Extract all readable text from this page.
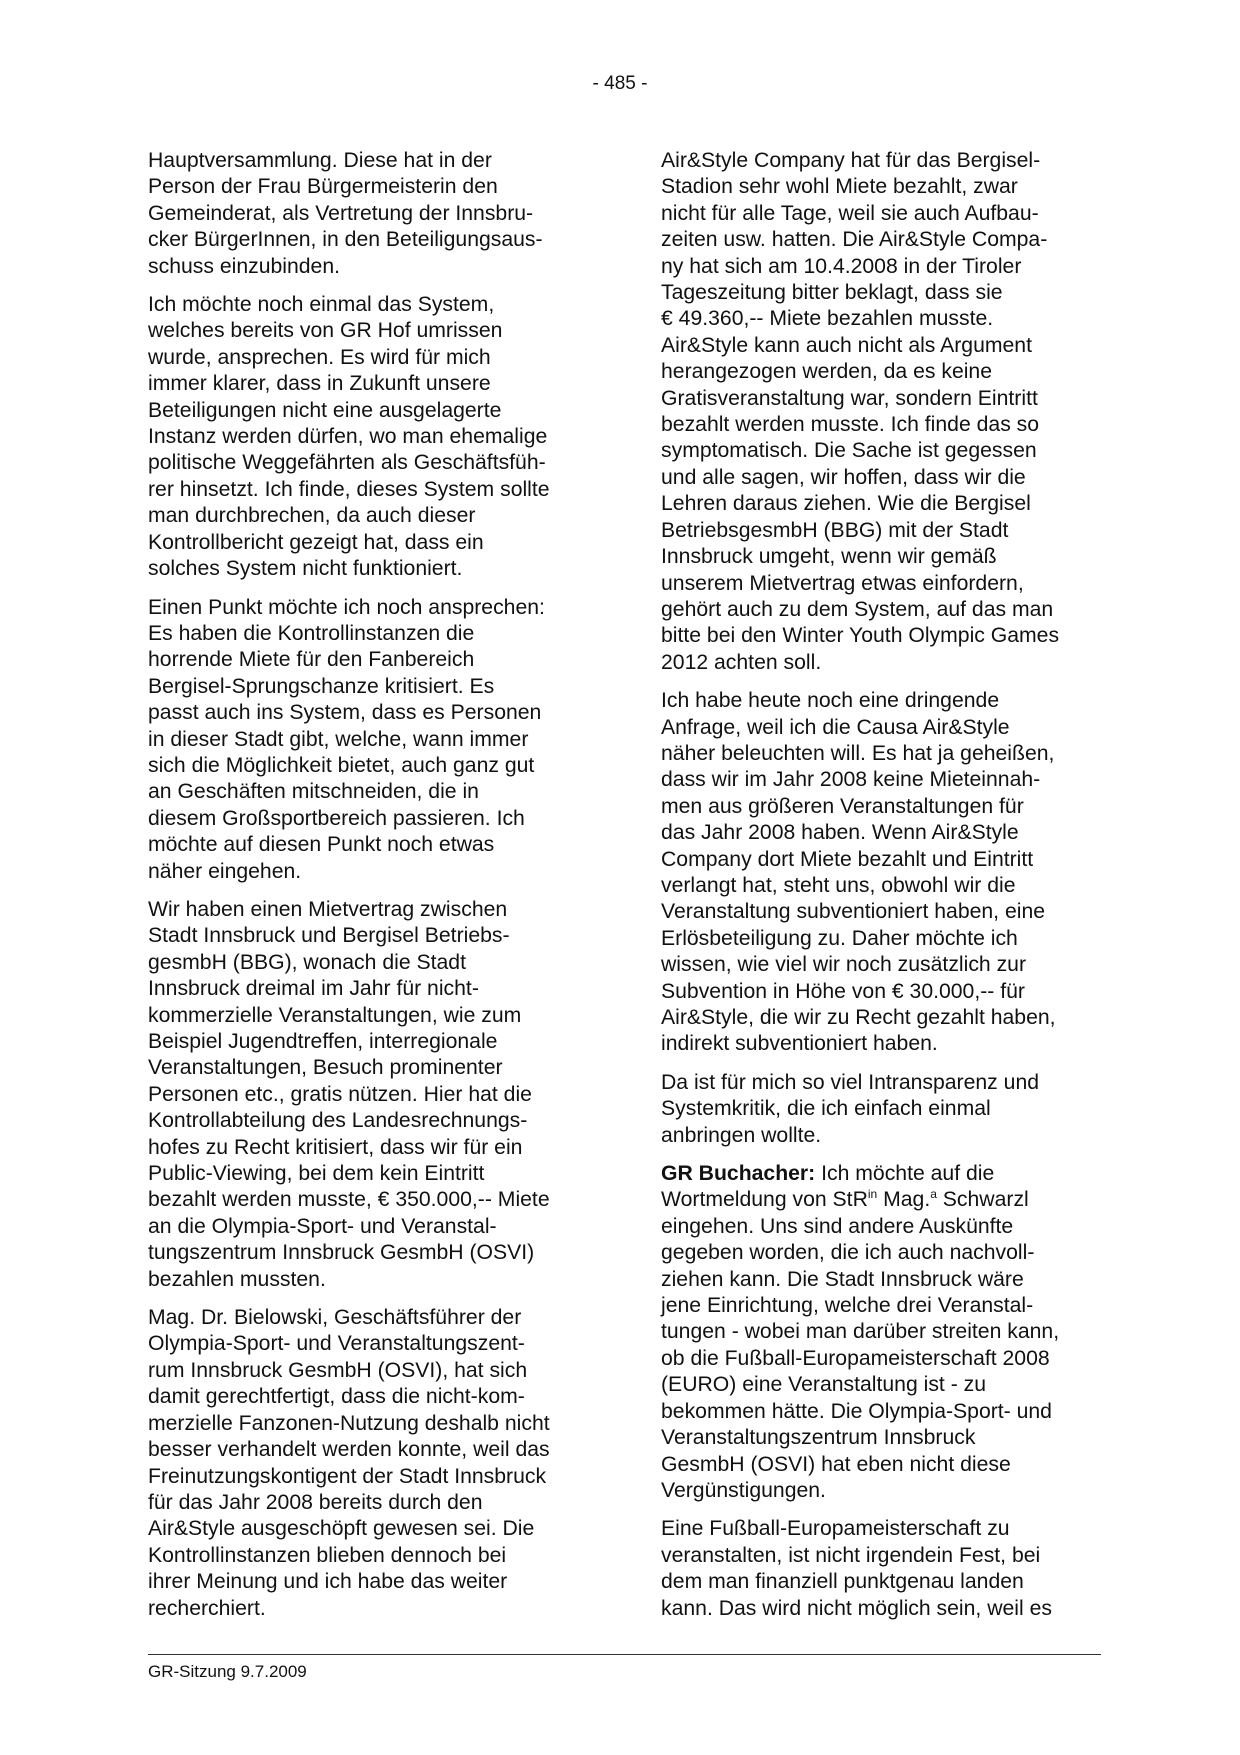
- 485 -

Hauptversammlung. Diese hat in der
Person der Frau Bürgermeisterin den
Gemeinderat, als Vertretung der Innsbru-
cker BürgerInnen, in den Beteiligungsaus-
schuss einzubinden.

Ich möchte noch einmal das System,
welches bereits von GR Hof umrissen
wurde, ansprechen. Es wird für mich
immer klarer, dass in Zukunft unsere
Beteiligungen nicht eine ausgelagerte
Instanz werden dürfen, wo man ehemalige
politische Weggefährten als Geschäftsfüh-
rer hinsetzt. Ich finde, dieses System sollte
man durchbrechen, da auch dieser
Kontrollbericht gezeigt hat, dass ein
solches System nicht funktioniert.

Einen Punkt möchte ich noch ansprechen:
Es haben die Kontrollinstanzen die
horrende Miete für den Fanbereich
Bergisel-Sprungschanze kritisiert. Es
passt auch ins System, dass es Personen
in dieser Stadt gibt, welche, wann immer
sich die Möglichkeit bietet, auch ganz gut
an Geschäften mitschneiden, die in
diesem Großsportbereich passieren. Ich
möchte auf diesen Punkt noch etwas
näher eingehen.

Wir haben einen Mietvertrag zwischen
Stadt Innsbruck und Bergisel Betriebs-
gesmbH (BBG), wonach die Stadt
Innsbruck dreimal im Jahr für nicht-
kommerzielle Veranstaltungen, wie zum
Beispiel Jugendtreffen, interregionale
Veranstaltungen, Besuch prominenter
Personen etc., gratis nützen. Hier hat die
Kontrollabteilung des Landesrechnungs-
hofes zu Recht kritisiert, dass wir für ein
Public-Viewing, bei dem kein Eintritt
bezahlt werden musste, € 350.000,-- Miete
an die Olympia-Sport- und Veranstal-
tungszentrum Innsbruck GesmbH (OSVI)
bezahlen mussten.

Mag. Dr. Bielowski, Geschäftsführer der
Olympia-Sport- und Veranstaltungszent-
rum Innsbruck GesmbH (OSVI), hat sich
damit gerechtfertigt, dass die nicht-kom-
merzielle Fanzonen-Nutzung deshalb nicht
besser verhandelt werden konnte, weil das
Freinutzungskontigent der Stadt Innsbruck
für das Jahr 2008 bereits durch den
Air&Style ausgeschöpft gewesen sei. Die
Kontrollinstanzen blieben dennoch bei
ihrer Meinung und ich habe das weiter
recherchiert.

Air&Style Company hat für das Bergisel-
Stadion sehr wohl Miete bezahlt, zwar
nicht für alle Tage, weil sie auch Aufbau-
zeiten usw. hatten. Die Air&Style Compa-
ny hat sich am 10.4.2008 in der Tiroler
Tageszeitung bitter beklagt, dass sie
€ 49.360,-- Miete bezahlen musste.
Air&Style kann auch nicht als Argument
herangezogen werden, da es keine
Gratisveranstaltung war, sondern Eintritt
bezahlt werden musste. Ich finde das so
symptomatisch. Die Sache ist gegessen
und alle sagen, wir hoffen, dass wir die
Lehren daraus ziehen. Wie die Bergisel
BetriebsgesmbH (BBG) mit der Stadt
Innsbruck umgeht, wenn wir gemäß
unserem Mietvertrag etwas einfordern,
gehört auch zu dem System, auf das man
bitte bei den Winter Youth Olympic Games
2012 achten soll.

Ich habe heute noch eine dringende
Anfrage, weil ich die Causa Air&Style
näher beleuchten will. Es hat ja geheißen,
dass wir im Jahr 2008 keine Mieteinnah-
men aus größeren Veranstaltungen für
das Jahr 2008 haben. Wenn Air&Style
Company dort Miete bezahlt und Eintritt
verlangt hat, steht uns, obwohl wir die
Veranstaltung subventioniert haben, eine
Erlösbeteiligung zu. Daher möchte ich
wissen, wie viel wir noch zusätzlich zur
Subvention in Höhe von € 30.000,-- für
Air&Style, die wir zu Recht gezahlt haben,
indirekt subventioniert haben.

Da ist für mich so viel Intransparenz und
Systemkritik, die ich einfach einmal
anbringen wollte.

GR Buchacher: Ich möchte auf die
Wortmeldung von StR$^{in}$ Mag.$^a$ Schwarzl
eingehen. Uns sind andere Auskünfte
gegeben worden, die ich auch nachvoll-
ziehen kann. Die Stadt Innsbruck wäre
jene Einrichtung, welche drei Veranstal-
tungen - wobei man darüber streiten kann,
ob die Fußball-Europameisterschaft 2008
(EURO) eine Veranstaltung ist - zu
bekommen hätte. Die Olympia-Sport- und
Veranstaltungszentrum Innsbruck
GesmbH (OSVI) hat eben nicht diese
Vergünstigungen.

Eine Fußball-Europameisterschaft zu
veranstalten, ist nicht irgendein Fest, bei
dem man finanziell punktgenau landen
kann. Das wird nicht möglich sein, weil es

GR-Sitzung 9.7.2009
